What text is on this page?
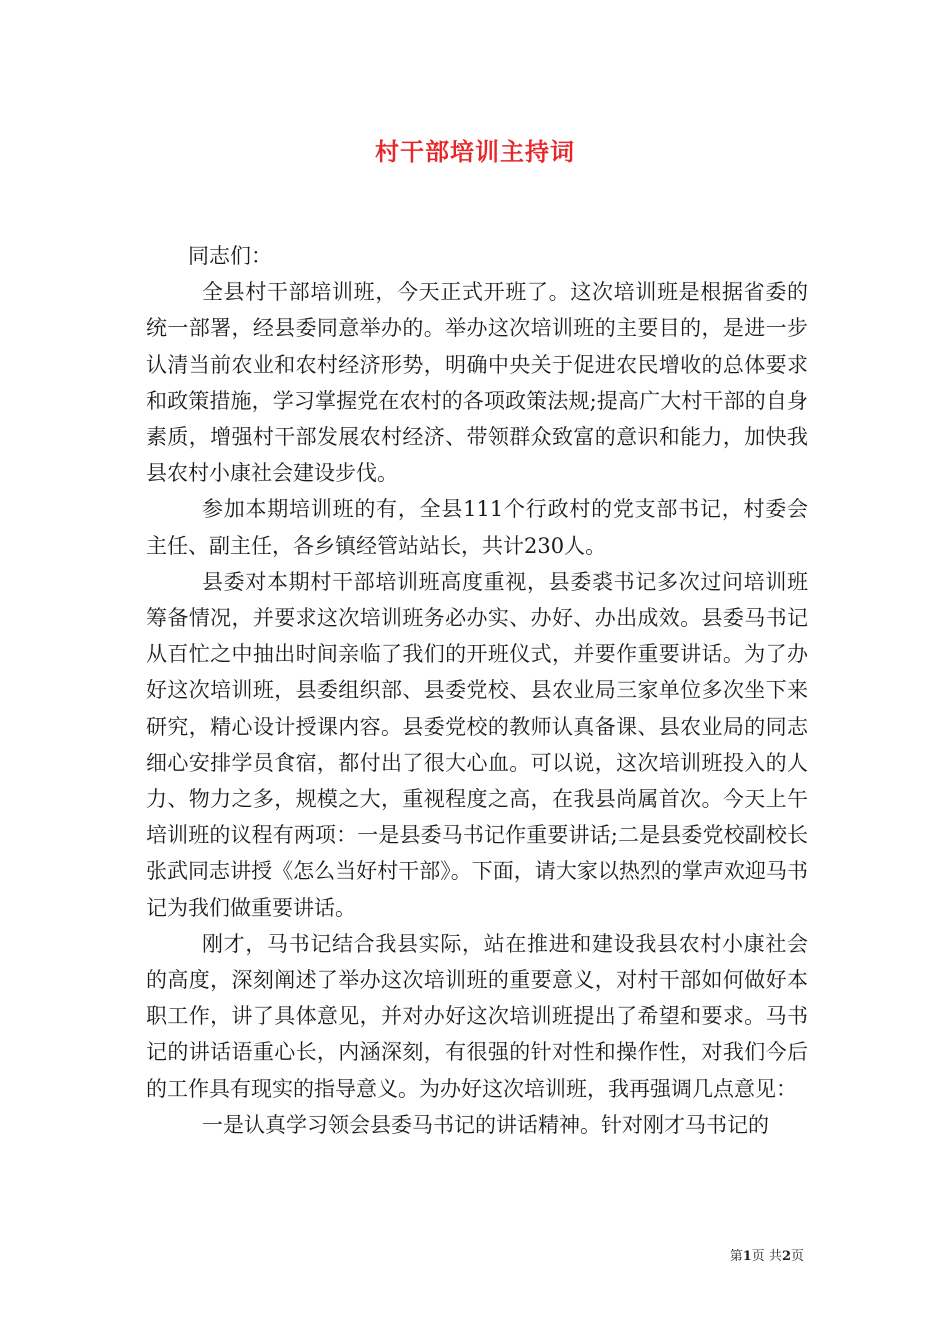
村干部培训主持词

同志们：

全县村干部培训班，今天正式开班了。这次培训班是根据省委的统一部署，经县委同意举办的。举办这次培训班的主要目的，是进一步认清当前农业和农村经济形势，明确中央关于促进农民增收的总体要求和政策措施，学习掌握党在农村的各项政策法规;提高广大村干部的自身素质，增强村干部发展农村经济、带领群众致富的意识和能力，加快我县农村小康社会建设步伐。

参加本期培训班的有，全县111个行政村的党支部书记，村委会主任、副主任，各乡镇经管站站长，共计230人。

县委对本期村干部培训班高度重视，县委裘书记多次过问培训班筹备情况，并要求这次培训班务必办实、办好、办出成效。县委马书记从百忙之中抽出时间亲临了我们的开班仪式，并要作重要讲话。为了办好这次培训班，县委组织部、县委党校、县农业局三家单位多次坐下来研究，精心设计授课内容。县委党校的教师认真备课、县农业局的同志细心安排学员食宿，都付出了很大心血。可以说，这次培训班投入的人力、物力之多，规模之大，重视程度之高，在我县尚属首次。今天上午培训班的议程有两项：一是县委马书记作重要讲话;二是县委党校副校长张武同志讲授《怎么当好村干部》。下面，请大家以热烈的掌声欢迎马书记为我们做重要讲话。

刚才，马书记结合我县实际，站在推进和建设我县农村小康社会的高度，深刻阐述了举办这次培训班的重要意义，对村干部如何做好本职工作，讲了具体意见，并对办好这次培训班提出了希望和要求。马书记的讲话语重心长，内涵深刻，有很强的针对性和操作性，对我们今后的工作具有现实的指导意义。为办好这次培训班，我再强调几点意见：

一是认真学习领会县委马书记的讲话精神。针对刚才马书记的

第1页 共2页
